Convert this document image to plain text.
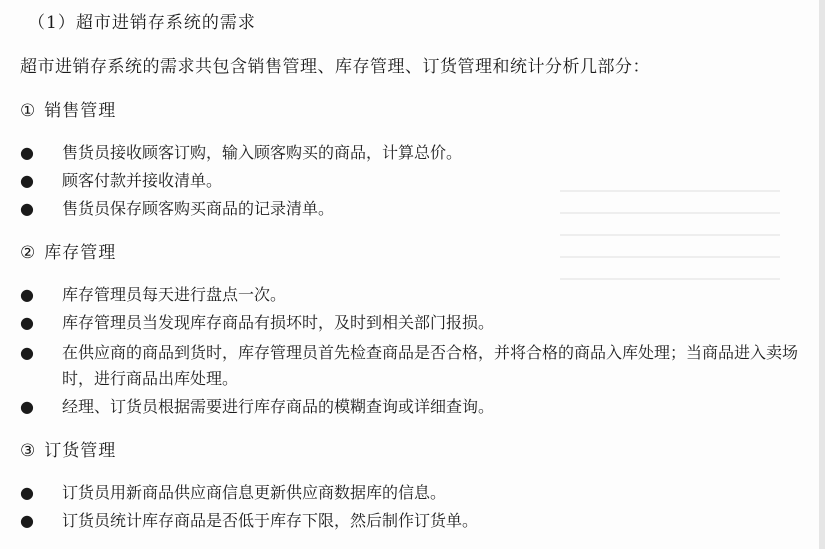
（1）超市进销存系统的需求
超市进销存系统的需求共包含销售管理、库存管理、订货管理和统计分析几部分：
① 销售管理
● 售货员接收顾客订购，输入顾客购买的商品，计算总价。
● 顾客付款并接收清单。
● 售货员保存顾客购买商品的记录清单。
② 库存管理
● 库存管理员每天进行盘点一次。
● 库存管理员当发现库存商品有损坏时，及时到相关部门报损。
● 在供应商的商品到货时，库存管理员首先检查商品是否合格，并将合格的商品入库处理；当商品进入卖场时，进行商品出库处理。
● 经理、订货员根据需要进行库存商品的模糊查询或详细查询。
③ 订货管理
● 订货员用新商品供应商信息更新供应商数据库的信息。
● 订货员统计库存商品是否低于库存下限，然后制作订货单。
